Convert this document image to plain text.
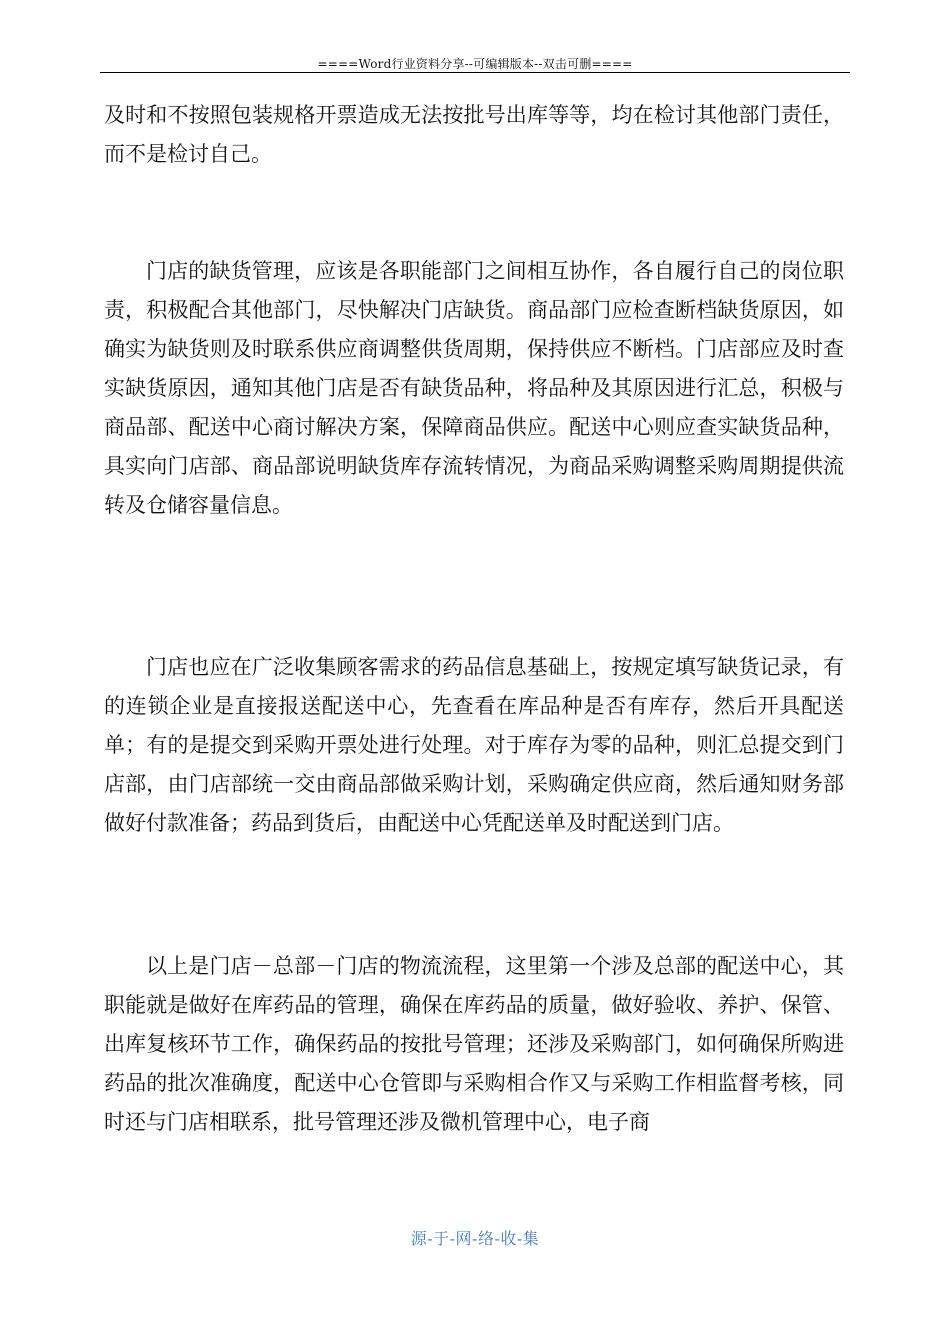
====Word行业资料分享--可编辑版本--双击可删====

及时和不按照包装规格开票造成无法按批号出库等等，均在检讨其他部门责任，而不是检讨自己。

门店的缺货管理，应该是各职能部门之间相互协作，各自履行自己的岗位职责，积极配合其他部门，尽快解决门店缺货。商品部门应检查断档缺货原因，如确实为缺货则及时联系供应商调整供货周期，保持供应不断档。门店部应及时查实缺货原因，通知其他门店是否有缺货品种，将品种及其原因进行汇总，积极与商品部、配送中心商讨解决方案，保障商品供应。配送中心则应查实缺货品种，具实向门店部、商品部说明缺货库存流转情况，为商品采购调整采购周期提供流转及仓储容量信息。

门店也应在广泛收集顾客需求的药品信息基础上，按规定填写缺货记录，有的连锁企业是直接报送配送中心，先查看在库品种是否有库存，然后开具配送单；有的是提交到采购开票处进行处理。对于库存为零的品种，则汇总提交到门店部，由门店部统一交由商品部做采购计划，采购确定供应商，然后通知财务部做好付款准备；药品到货后，由配送中心凭配送单及时配送到门店。

以上是门店－总部－门店的物流流程，这里第一个涉及总部的配送中心，其职能就是做好在库药品的管理，确保在库药品的质量，做好验收、养护、保管、出库复核环节工作，确保药品的按批号管理；还涉及采购部门，如何确保所购进药品的批次准确度，配送中心仓管即与采购相合作又与采购工作相监督考核，同时还与门店相联系，批号管理还涉及微机管理中心，电子商

源-于-网-络-收-集
